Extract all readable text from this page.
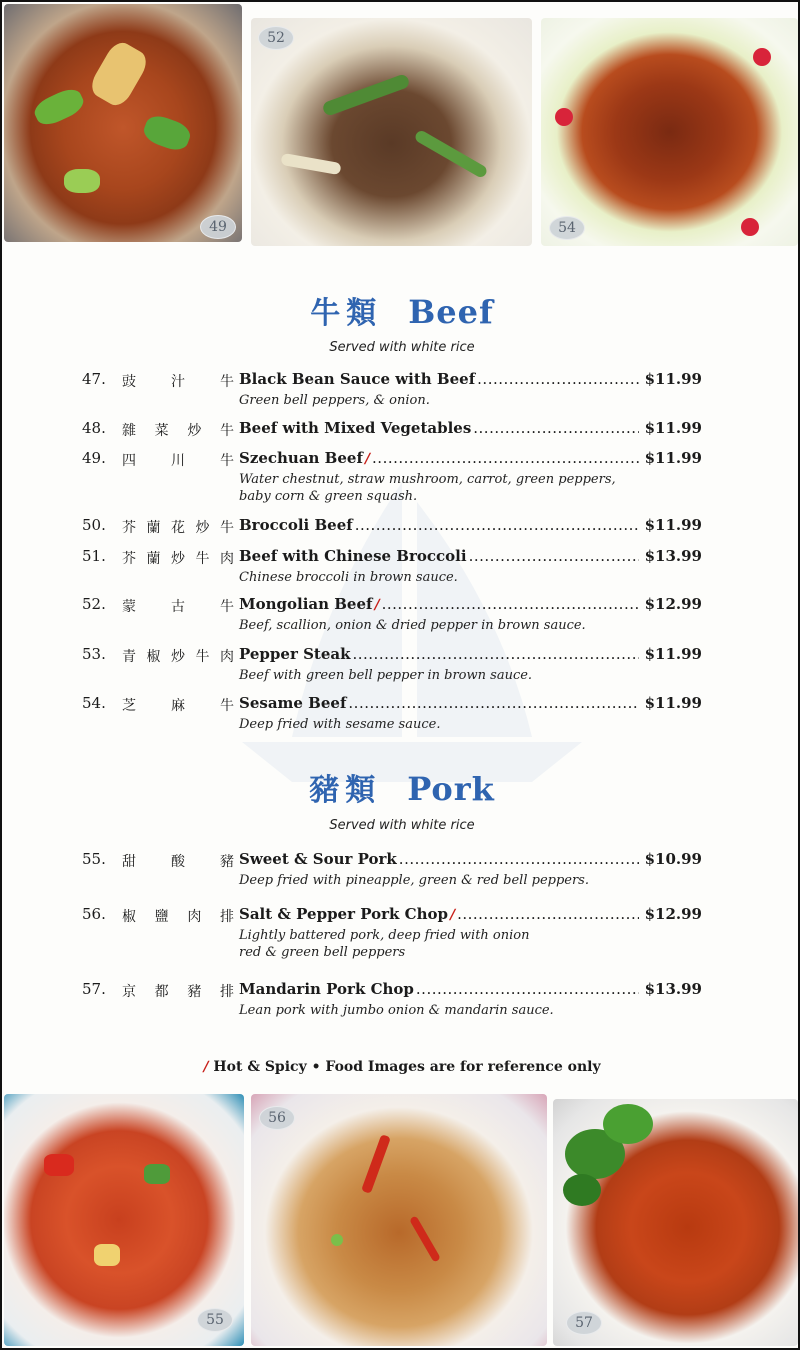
49
52
54
牛類 Beef
Served with white rice
47. 豉	汁	牛 Black Bean Sauce with Beef .....	$11.99
Green bell peppers, & onion.
48. 雜 菜 炒 牛 Beef with Mixed Vegetables .....	$11.99
49. 四	川	牛 Szechuan Beef ∕ .....	$11.99
Water chestnut, straw mushroom, carrot, green peppers,
baby corn & green squash.
50. 芥 蘭 花 炒 牛 Broccoli Beef .....	$11.99
51. 芥 蘭 炒 牛 肉 Beef with Chinese Broccoli .....	$13.99
Chinese broccoli in brown sauce.
52. 蒙	古	牛 Mongolian Beef ∕ .....	$12.99
Beef, scallion, onion & dried pepper in brown sauce.
53. 青 椒 炒 牛 肉 Pepper Steak .....	$11.99
Beef with green bell pepper in brown sauce.
54. 芝	麻	牛 Sesame Beef .....	$11.99
Deep fried with sesame sauce.
豬類 Pork
Served with white rice
55. 甜	酸	豬 Sweet & Sour Pork .....	$10.99
Deep fried with pineapple, green & red bell peppers.
56. 椒 鹽 肉 排 Salt & Pepper Pork Chop ∕ .....	$12.99
Lightly battered pork, deep fried with onion
red & green bell peppers
57. 京 都 豬 排 Mandarin Pork Chop .....	$13.99
Lean pork with jumbo onion & mandarin sauce.
∕ Hot & Spicy • Food Images are for reference only
55
56
57
